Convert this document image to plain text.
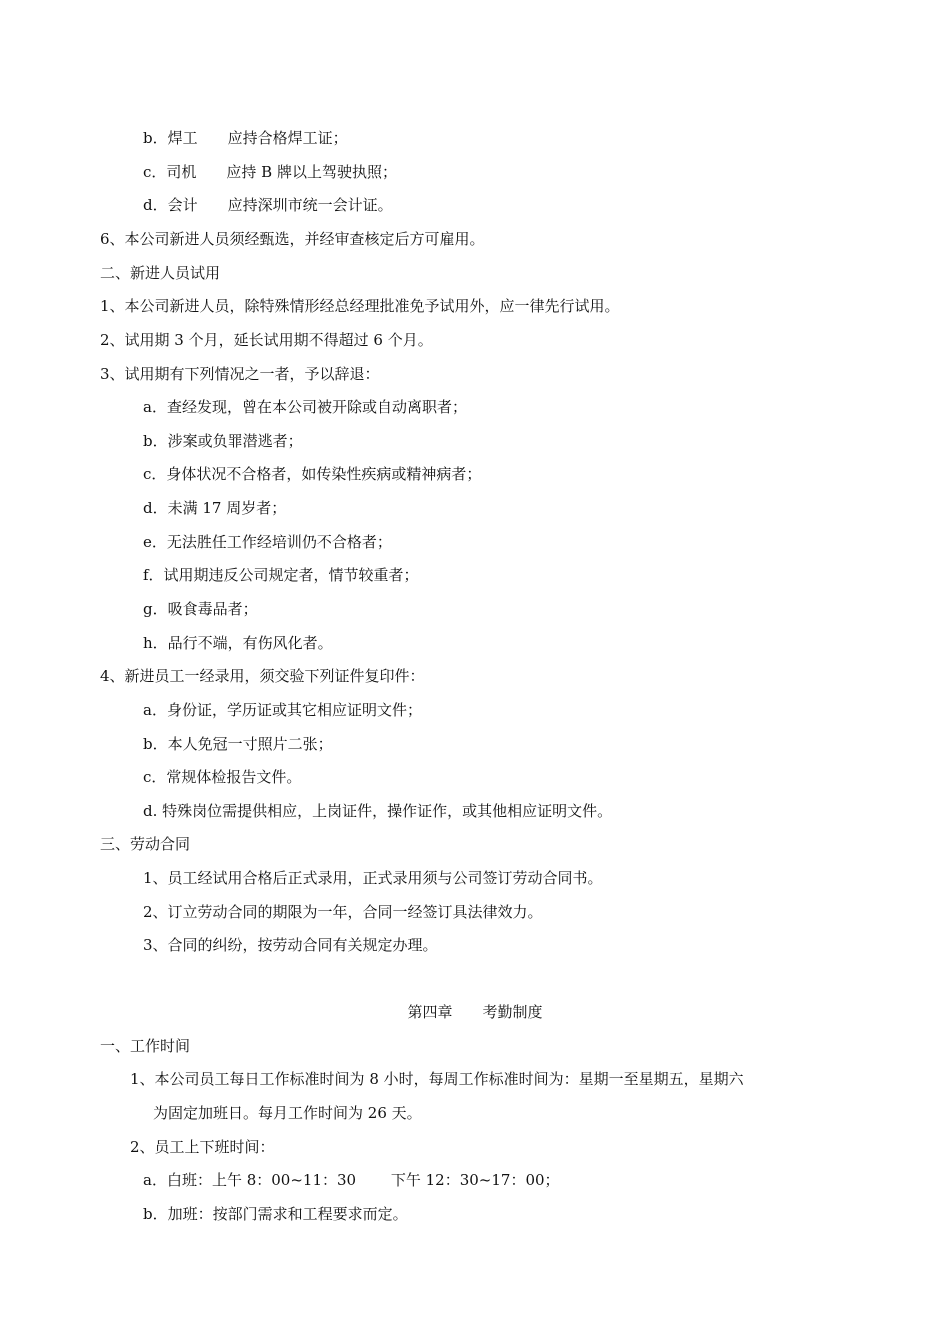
b．焊工　　应持合格焊工证；
c．司机　　应持 B 牌以上驾驶执照；
d．会计　　应持深圳市统一会计证。
6、本公司新进人员须经甄选，并经审查核定后方可雇用。
二、新进人员试用
1、本公司新进人员，除特殊情形经总经理批准免予试用外，应一律先行试用。
2、试用期 3 个月，延长试用期不得超过 6 个月。
3、试用期有下列情况之一者，予以辞退：
a．查经发现，曾在本公司被开除或自动离职者；
b．涉案或负罪潜逃者；
c．身体状况不合格者，如传染性疾病或精神病者；
d．未满 17 周岁者；
e．无法胜任工作经培训仍不合格者；
f．试用期违反公司规定者，情节较重者；
g．吸食毒品者；
h．品行不端，有伤风化者。
4、新进员工一经录用，须交验下列证件复印件：
a．身份证，学历证或其它相应证明文件；
b．本人免冠一寸照片二张；
c．常规体检报告文件。
d. 特殊岗位需提供相应，上岗证件，操作证作，或其他相应证明文件。
三、劳动合同
1、员工经试用合格后正式录用，正式录用须与公司签订劳动合同书。
2、订立劳动合同的期限为一年，合同一经签订具法律效力。
3、合同的纠纷，按劳动合同有关规定办理。
第四章　　考勤制度
一、工作时间
1、本公司员工每日工作标准时间为 8 小时，每周工作标准时间为：星期一至星期五，星期六
为固定加班日。每月工作时间为 26 天。
2、员工上下班时间：
a．白班：上午 8：00~11：30　　 下午 12：30~17：00；
b．加班：按部门需求和工程要求而定。
